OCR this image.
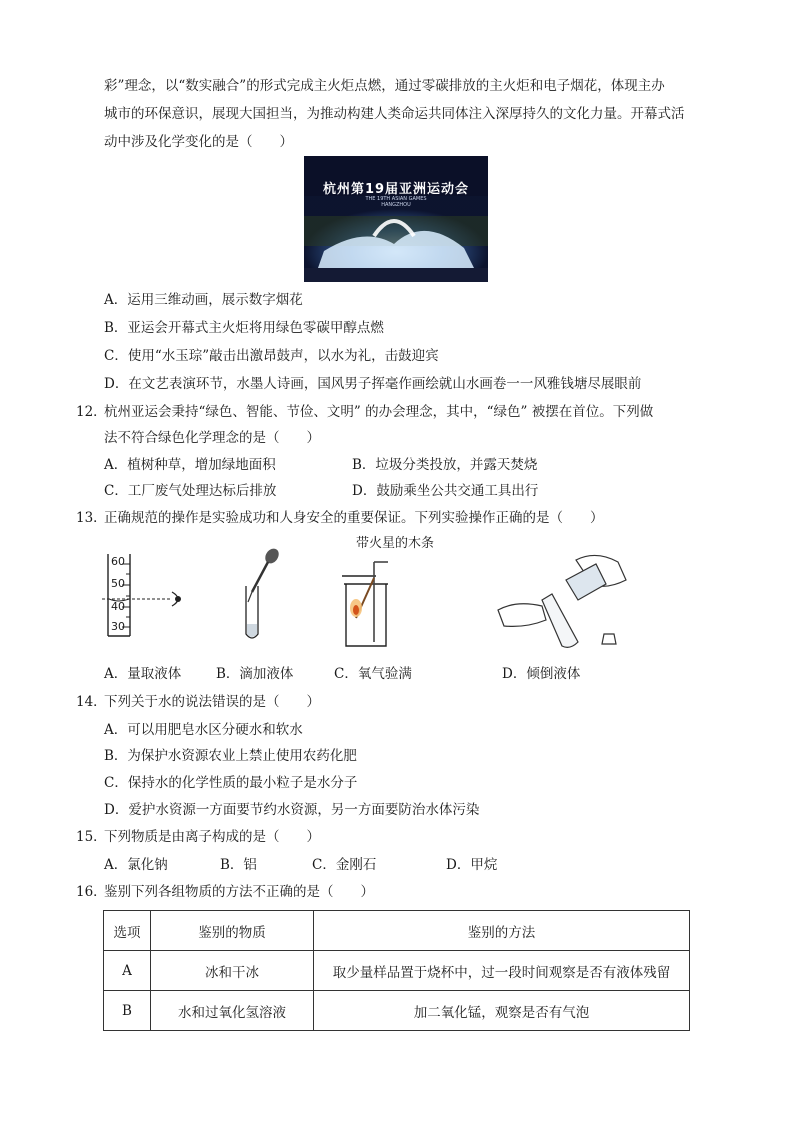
彩”理念，以“数实融合”的形式完成主火炬点燃，通过零碳排放的主火炬和电子烟花，体现主办
城市的环保意识，展现大国担当，为推动构建人类命运共同体注入深厚持久的文化力量。开幕式活
动中涉及化学变化的是（　　）
杭州第19届亚洲运动会
THE 19TH ASIAN GAMES
HANGZHOU
A．运用三维动画，展示数字烟花
B．亚运会开幕式主火炬将用绿色零碳甲醇点燃
C．使用“水玉琮”敲击出激昂鼓声，以水为礼，击鼓迎宾
D．在文艺表演环节，水墨人诗画，国风男子挥毫作画绘就山水画卷一一风雅钱塘尽展眼前
12．
杭州亚运会秉持“绿色、智能、节俭、文明” 的办会理念，其中，“绿色” 被摆在首位。下列做
法不符合绿色化学理念的是（　　）
A．植树种草，增加绿地面积	B．垃圾分类投放，并露天焚烧
C．工厂废气处理达标后排放	D．鼓励乘坐公共交通工具出行
13．
正确规范的操作是实验成功和人身安全的重要保证。下列实验操作正确的是（　　）
60
50
40
30
带火星的木条
A．量取液体	B．滴加液体	C．氧气验满	D．倾倒液体
14．
下列关于水的说法错误的是（　　）
A．可以用肥皂水区分硬水和软水
B．为保护水资源农业上禁止使用农药化肥
C．保持水的化学性质的最小粒子是水分子
D．爱护水资源一方面要节约水资源，另一方面要防治水体污染
15．
下列物质是由离子构成的是（　　）
A．氯化钠	B．铝	C．金刚石	D．甲烷
16．
鉴别下列各组物质的方法不正确的是（　　）
选项	鉴别的物质	鉴别的方法
A	冰和干冰	取少量样品置于烧杯中，过一段时间观察是否有液体残留
B	水和过氧化氢溶液	加二氧化锰，观察是否有气泡
